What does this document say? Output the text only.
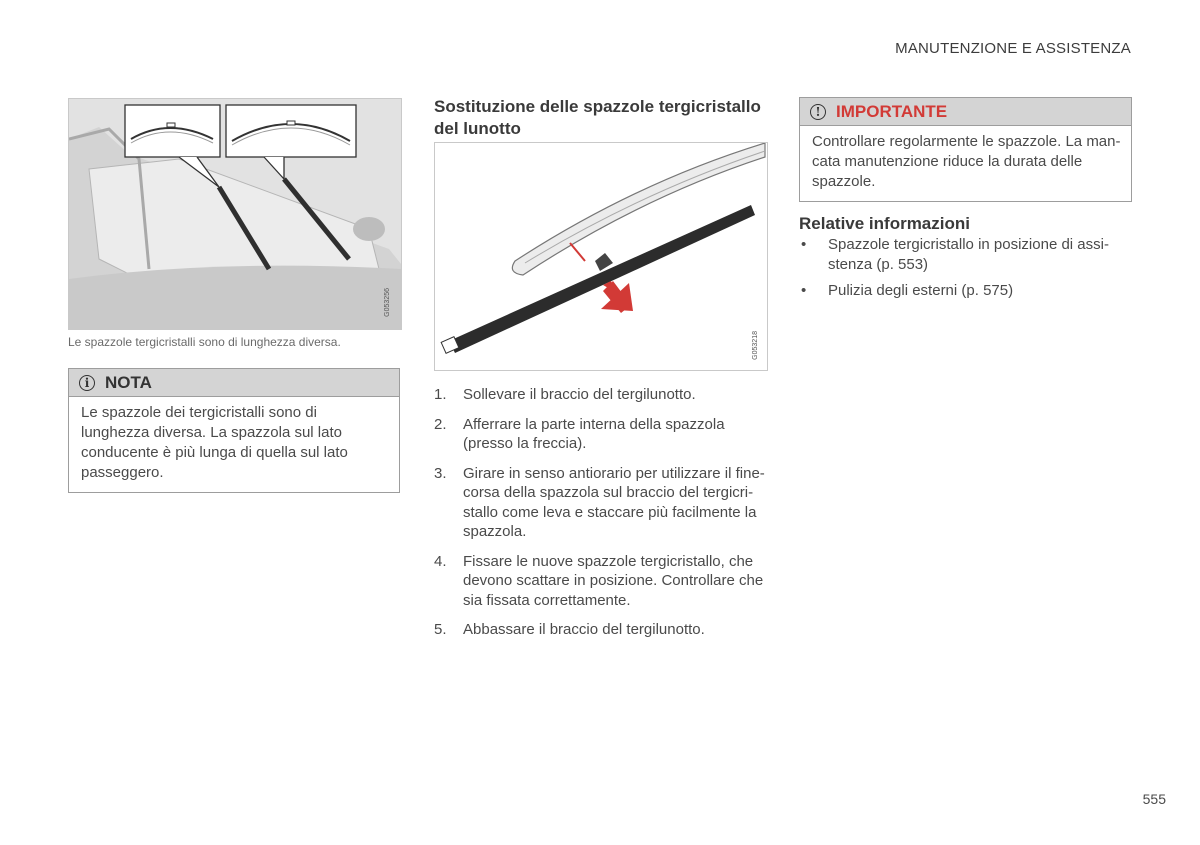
MANUTENZIONE E ASSISTENZA
G053256
Le spazzole tergicristalli sono di lunghezza diversa.
i NOTA
Le spazzole dei tergicristalli sono di lunghezza diversa. La spazzola sul lato conducente è più lunga di quella sul lato passeggero.
Sostituzione delle spazzole tergicristallo del lunotto
G053218
1. Sollevare il braccio del tergilunotto.
2. Afferrare la parte interna della spazzola (presso la freccia).
3. Girare in senso antiorario per utilizzare il fine-corsa della spazzola sul braccio del tergicri-stallo come leva e staccare più facilmente la spazzola.
4. Fissare le nuove spazzole tergicristallo, che devono scattare in posizione. Controllare che sia fissata correttamente.
5. Abbassare il braccio del tergilunotto.
! IMPORTANTE
Controllare regolarmente le spazzole. La man-cata manutenzione riduce la durata delle spazzole.
Relative informazioni
• Spazzole tergicristallo in posizione di assi-stenza (p. 553)
• Pulizia degli esterni (p. 575)
555
